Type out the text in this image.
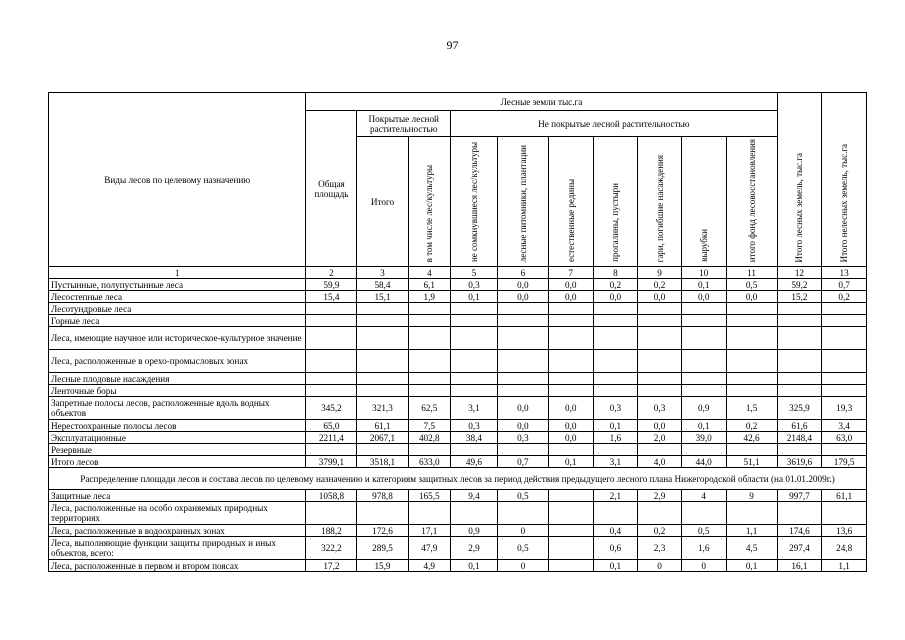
97
Виды лесов по целевому назначению	Лесные земли тыс.га										Итого лесных земель, тыс.га	Итого нелесных земель, тыс.га
	Общая площадь	Покрытые лесной растительностью		Не покрытые лесной растительностью								
		Итого	в том числе лес/культуры	не сомкнувшиеся лес/культуры	лесные питомники, плантации	естественные редины	прогалины, пустыри	гари, погибшие насаждения	вырубки	итого фонд лесовосстановления		
1	2	3	4	5	6	7	8	9	10	11	12	13
Пустынные, полупустынные леса	59,9	58,4	6,1	0,3	0,0	0,0	0,2	0,2	0,1	0,5	59,2	0,7
Лесостепные леса	15,4	15,1	1,9	0,1	0,0	0,0	0,0	0,0	0,0	0,0	15,2	0,2
Лесотундровые леса												
Горные леса												
Леса, имеющие научное или историческое-культурное значение												
Леса, расположенные в орехо-промысловых зонах												
Лесные плодовые насаждения												
Ленточные боры												
Запретные полосы лесов, расположенные вдоль водных объектов	345,2	321,3	62,5	3,1	0,0	0,0	0,3	0,3	0,9	1,5	325,9	19,3
Нерестоохранные полосы лесов	65,0	61,1	7,5	0,3	0,0	0,0	0,1	0,0	0,1	0,2	61,6	3,4
Эксплуатационные	2211,4	2067,1	402,8	38,4	0,3	0,0	1,6	2,0	39,0	42,6	2148,4	63,0
Резервные												
Итого лесов	3799,1	3518,1	633,0	49,6	0,7	0,1	3,1	4,0	44,0	51,1	3619,6	179,5
Распределение площади лесов и состава лесов по целевому назначению и категориям защитных лесов за период действия предыдущего лесного плана Нижегородской области (на 01.01.2009г.)												
Защитные леса	1058,8	978,8	165,5	9,4	0,5		2,1	2,9	4	9	997,7	61,1
Леса, расположенные на особо охраняемых природных территориях												
Леса, расположенные в водоохранных зонах	188,2	172,6	17,1	0,9	0		0,4	0,2	0,5	1,1	174,6	13,6
Леса, выполняющие функции защиты природных и иных объектов, всего:	322,2	289,5	47,9	2,9	0,5		0,6	2,3	1,6	4,5	297,4	24,8
Леса, расположенные в первом и втором поясах	17,2	15,9	4,9	0,1	0		0,1	0	0	0,1	16,1	1,1
